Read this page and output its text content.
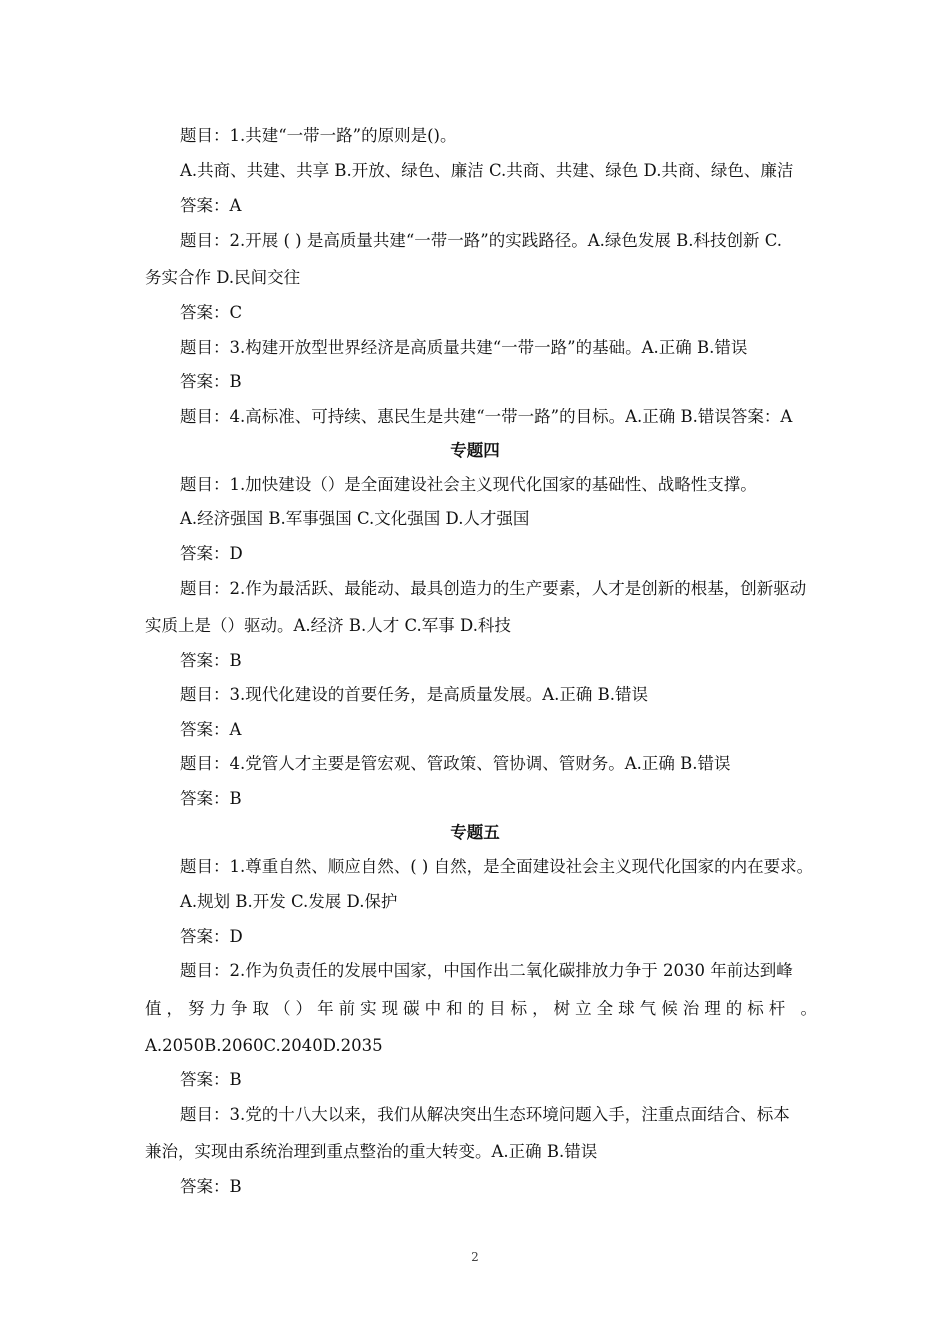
题目：1.共建“一带一路”的原则是()。
A.共商、共建、共享 B.开放、绿色、廉洁 C.共商、共建、绿色 D.共商、绿色、廉洁
答案：A
题目：2.开展 ( ) 是高质量共建“一带一路”的实践路径。A.绿色发展 B.科技创新 C.
务实合作 D.民间交往
答案：C
题目：3.构建开放型世界经济是高质量共建“一带一路”的基础。A.正确 B.错误
答案：B
题目：4.高标准、可持续、惠民生是共建“一带一路”的目标。A.正确 B.错误答案：A
专题四
题目：1.加快建设（）是全面建设社会主义现代化国家的基础性、战略性支撑。
A.经济强国 B.军事强国 C.文化强国 D.人才强国
答案：D
题目：2.作为最活跃、最能动、最具创造力的生产要素，人才是创新的根基，创新驱动
实质上是（）驱动。A.经济 B.人才 C.军事 D.科技
答案：B
题目：3.现代化建设的首要任务，是高质量发展。A.正确 B.错误
答案：A
题目：4.党管人才主要是管宏观、管政策、管协调、管财务。A.正确 B.错误
答案：B
专题五
题目：1.尊重自然、顺应自然、( ) 自然，是全面建设社会主义现代化国家的内在要求。
A.规划 B.开发 C.发展 D.保护
答案：D
题目：2.作为负责任的发展中国家，中国作出二氧化碳排放力争于 2030 年前达到峰
值，努力争取（）年前实现碳中和的目标，树立全球气候治理的标杆 。
A.2050B.2060C.2040D.2035
答案：B
题目：3.党的十八大以来，我们从解决突出生态环境问题入手，注重点面结合、标本
兼治，实现由系统治理到重点整治的重大转变。A.正确 B.错误
答案：B
2
